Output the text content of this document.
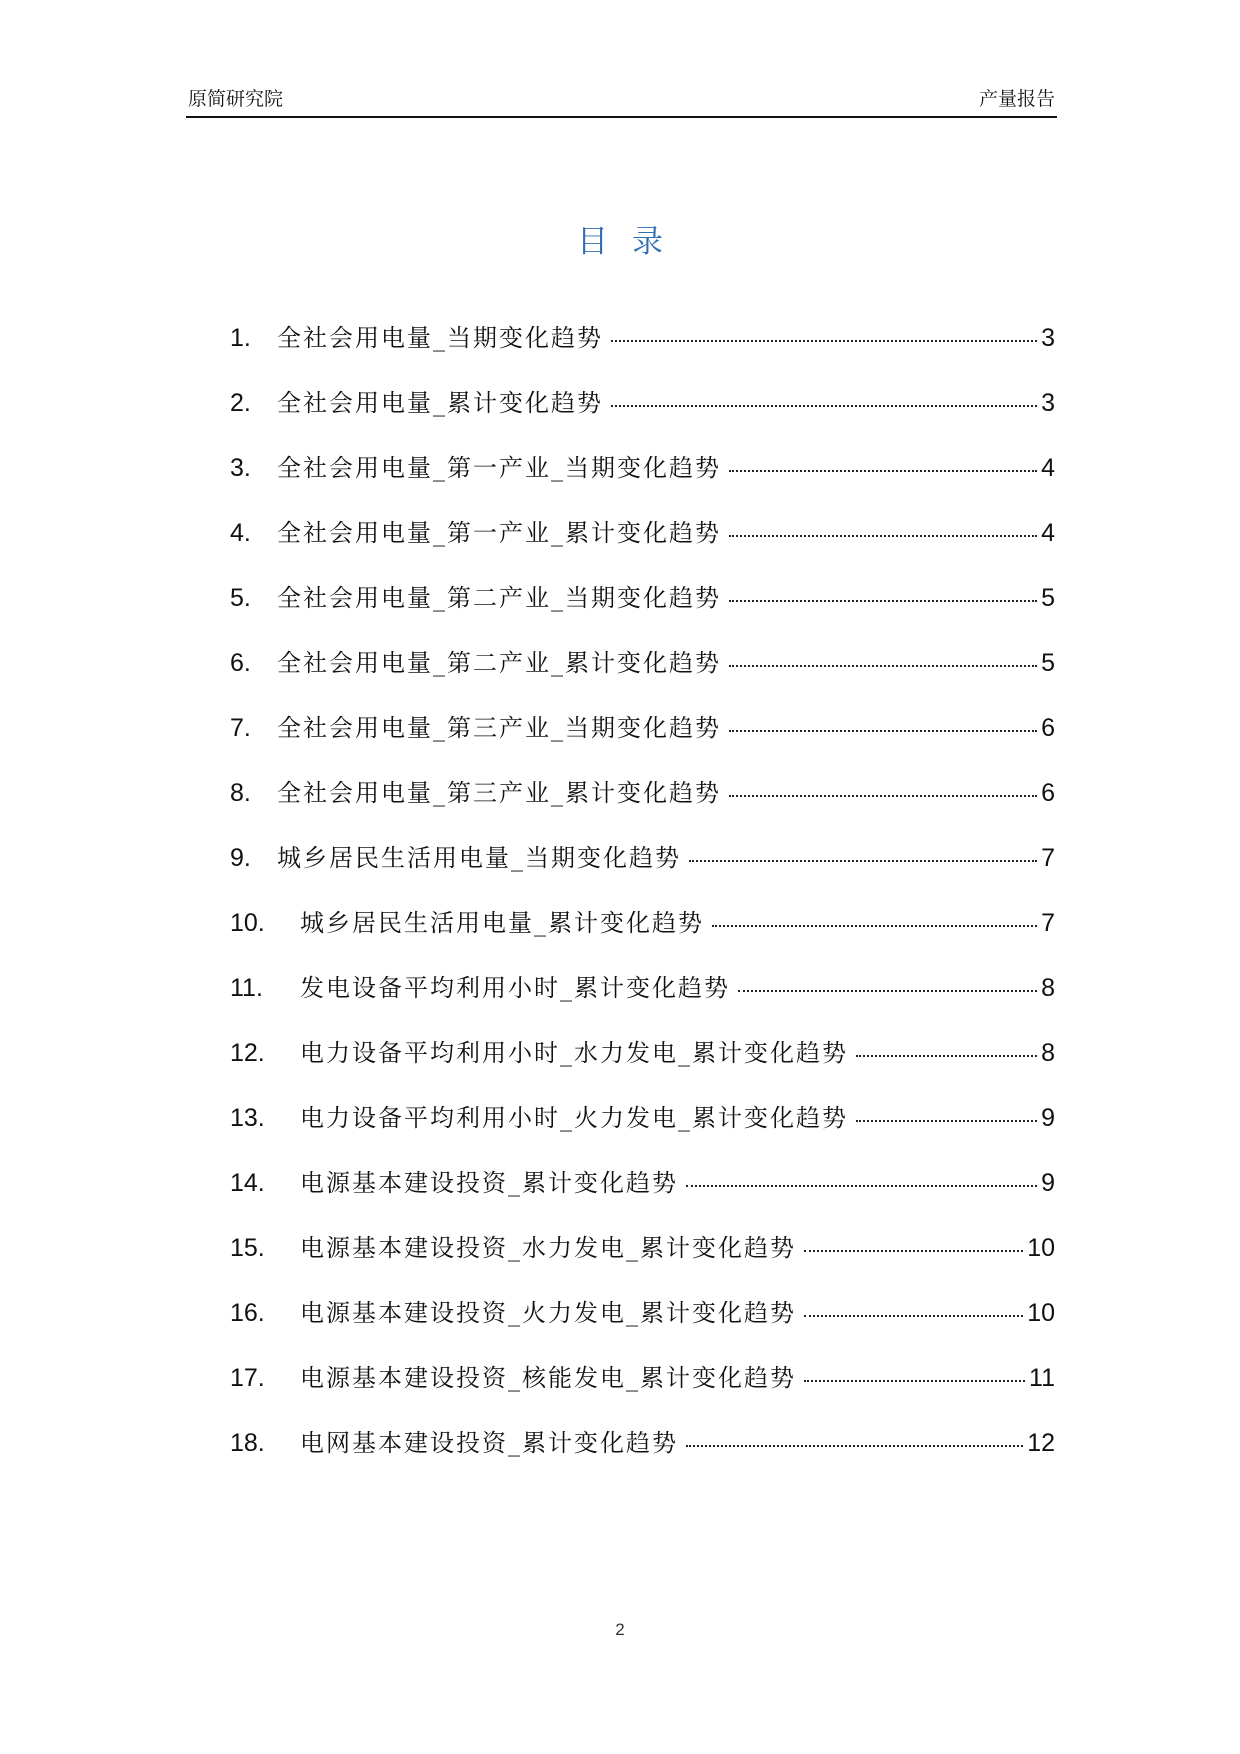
原简研究院	产量报告
目录
1.	全社会用电量_当期变化趋势	3
2.	全社会用电量_累计变化趋势	3
3.	全社会用电量_第一产业_当期变化趋势	4
4.	全社会用电量_第一产业_累计变化趋势	4
5.	全社会用电量_第二产业_当期变化趋势	5
6.	全社会用电量_第二产业_累计变化趋势	5
7.	全社会用电量_第三产业_当期变化趋势	6
8.	全社会用电量_第三产业_累计变化趋势	6
9.	城乡居民生活用电量_当期变化趋势	7
10.	城乡居民生活用电量_累计变化趋势	7
11.	发电设备平均利用小时_累计变化趋势	8
12.	电力设备平均利用小时_水力发电_累计变化趋势	8
13.	电力设备平均利用小时_火力发电_累计变化趋势	9
14.	电源基本建设投资_累计变化趋势	9
15.	电源基本建设投资_水力发电_累计变化趋势	10
16.	电源基本建设投资_火力发电_累计变化趋势	10
17.	电源基本建设投资_核能发电_累计变化趋势	11
18.	电网基本建设投资_累计变化趋势	12
2
